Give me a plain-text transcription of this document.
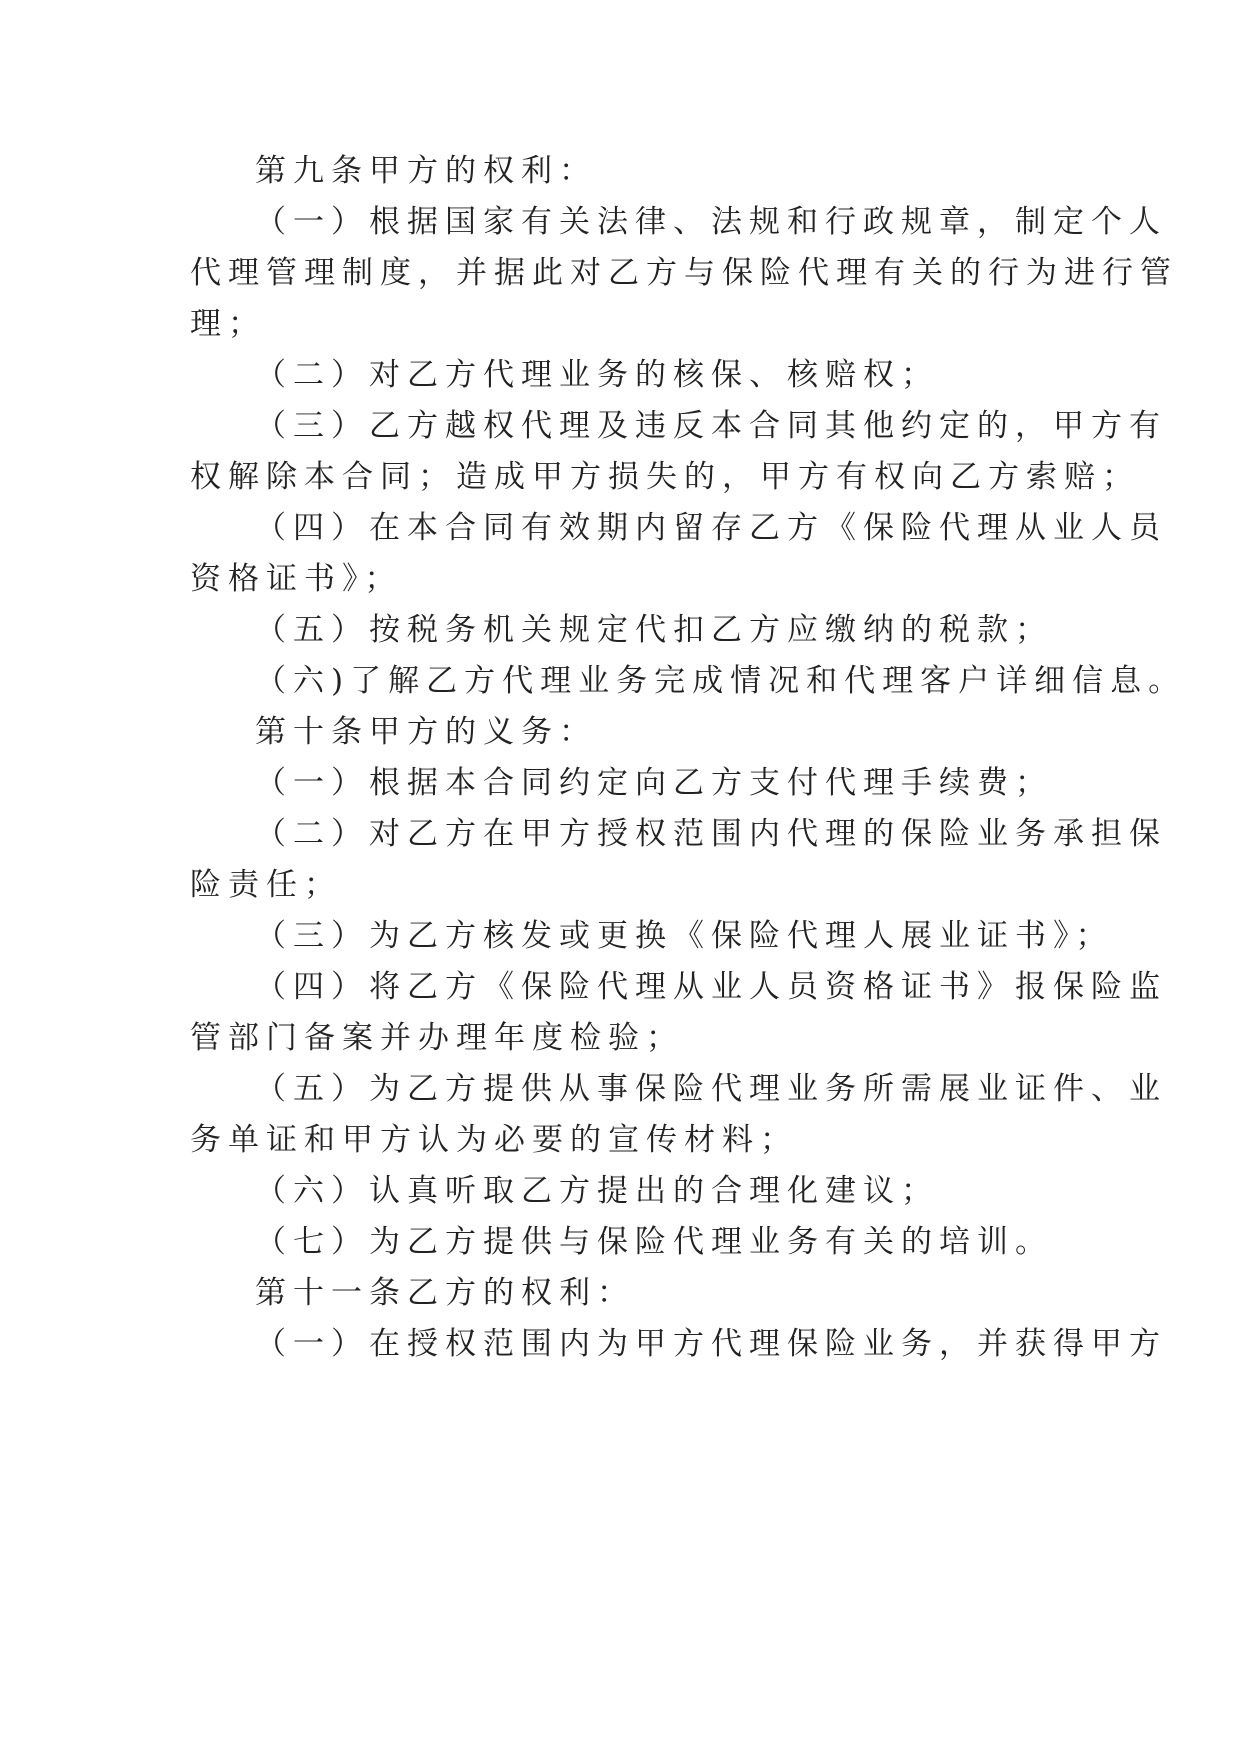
第九条甲方的权利：
（一）根据国家有关法律、法规和行政规章，制定个人
代理管理制度，并据此对乙方与保险代理有关的行为进行管
理；
（二）对乙方代理业务的核保、核赔权；
（三）乙方越权代理及违反本合同其他约定的，甲方有
权解除本合同；造成甲方损失的，甲方有权向乙方索赔；
（四）在本合同有效期内留存乙方《保险代理从业人员
资格证书》；
（五）按税务机关规定代扣乙方应缴纳的税款；
（六)了解乙方代理业务完成情况和代理客户详细信息。
第十条甲方的义务：
（一）根据本合同约定向乙方支付代理手续费；
（二）对乙方在甲方授权范围内代理的保险业务承担保
险责任；
（三）为乙方核发或更换《保险代理人展业证书》；
（四）将乙方《保险代理从业人员资格证书》报保险监
管部门备案并办理年度检验；
（五）为乙方提供从事保险代理业务所需展业证件、业
务单证和甲方认为必要的宣传材料；
（六）认真听取乙方提出的合理化建议；
（七）为乙方提供与保险代理业务有关的培训。
第十一条乙方的权利：
（一）在授权范围内为甲方代理保险业务，并获得甲方
